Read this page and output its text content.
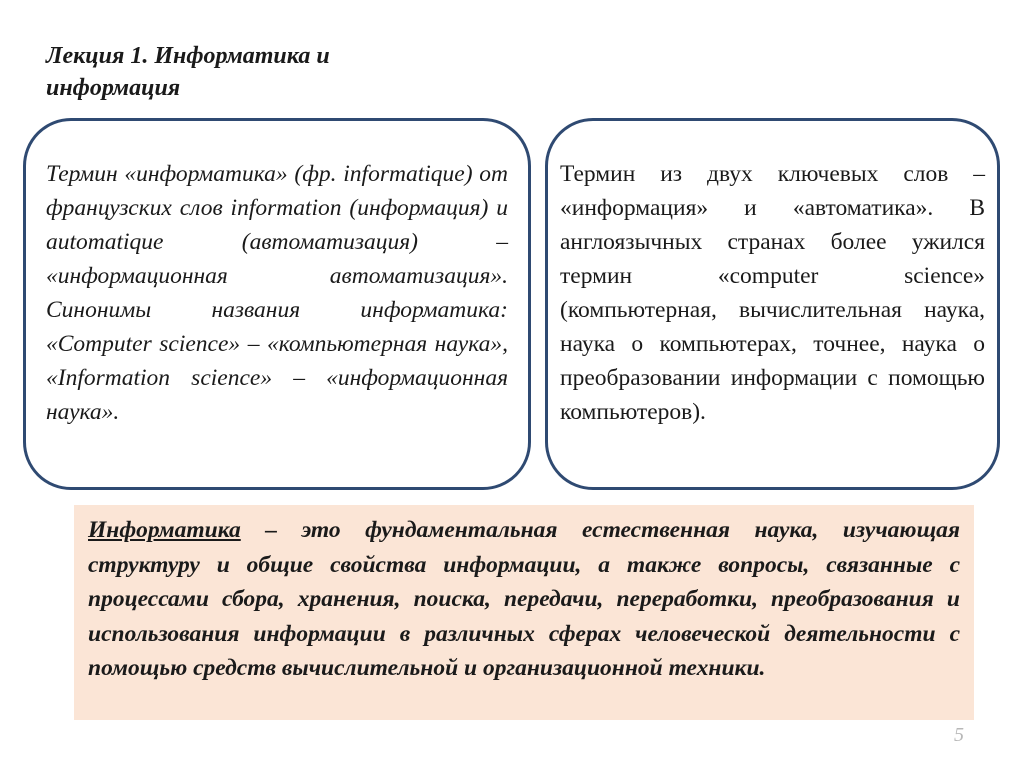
Лекция 1. Информатика и информация

Термин «информатика» (фр. informatique) от французских слов information (информация) и automatique (автоматизация) – «информационная автоматизация». Синонимы названия информатика: «Computer science» – «компьютерная наука», «Information science» – «информационная наука».

Термин из двух ключевых слов – «информация» и «автоматика». В англоязычных странах более ужился термин «computer science» (компьютерная, вычислительная наука, наука о компьютерах, точнее, наука о преобразовании информации с помощью компьютеров).

Информатика – это фундаментальная естественная наука, изучающая структуру и общие свойства информации, а также вопросы, связанные с процессами сбора, хранения, поиска, передачи, переработки, преобразования и использования информации в различных сферах человеческой деятельности с помощью средств вычислительной и организационной техники.

5
